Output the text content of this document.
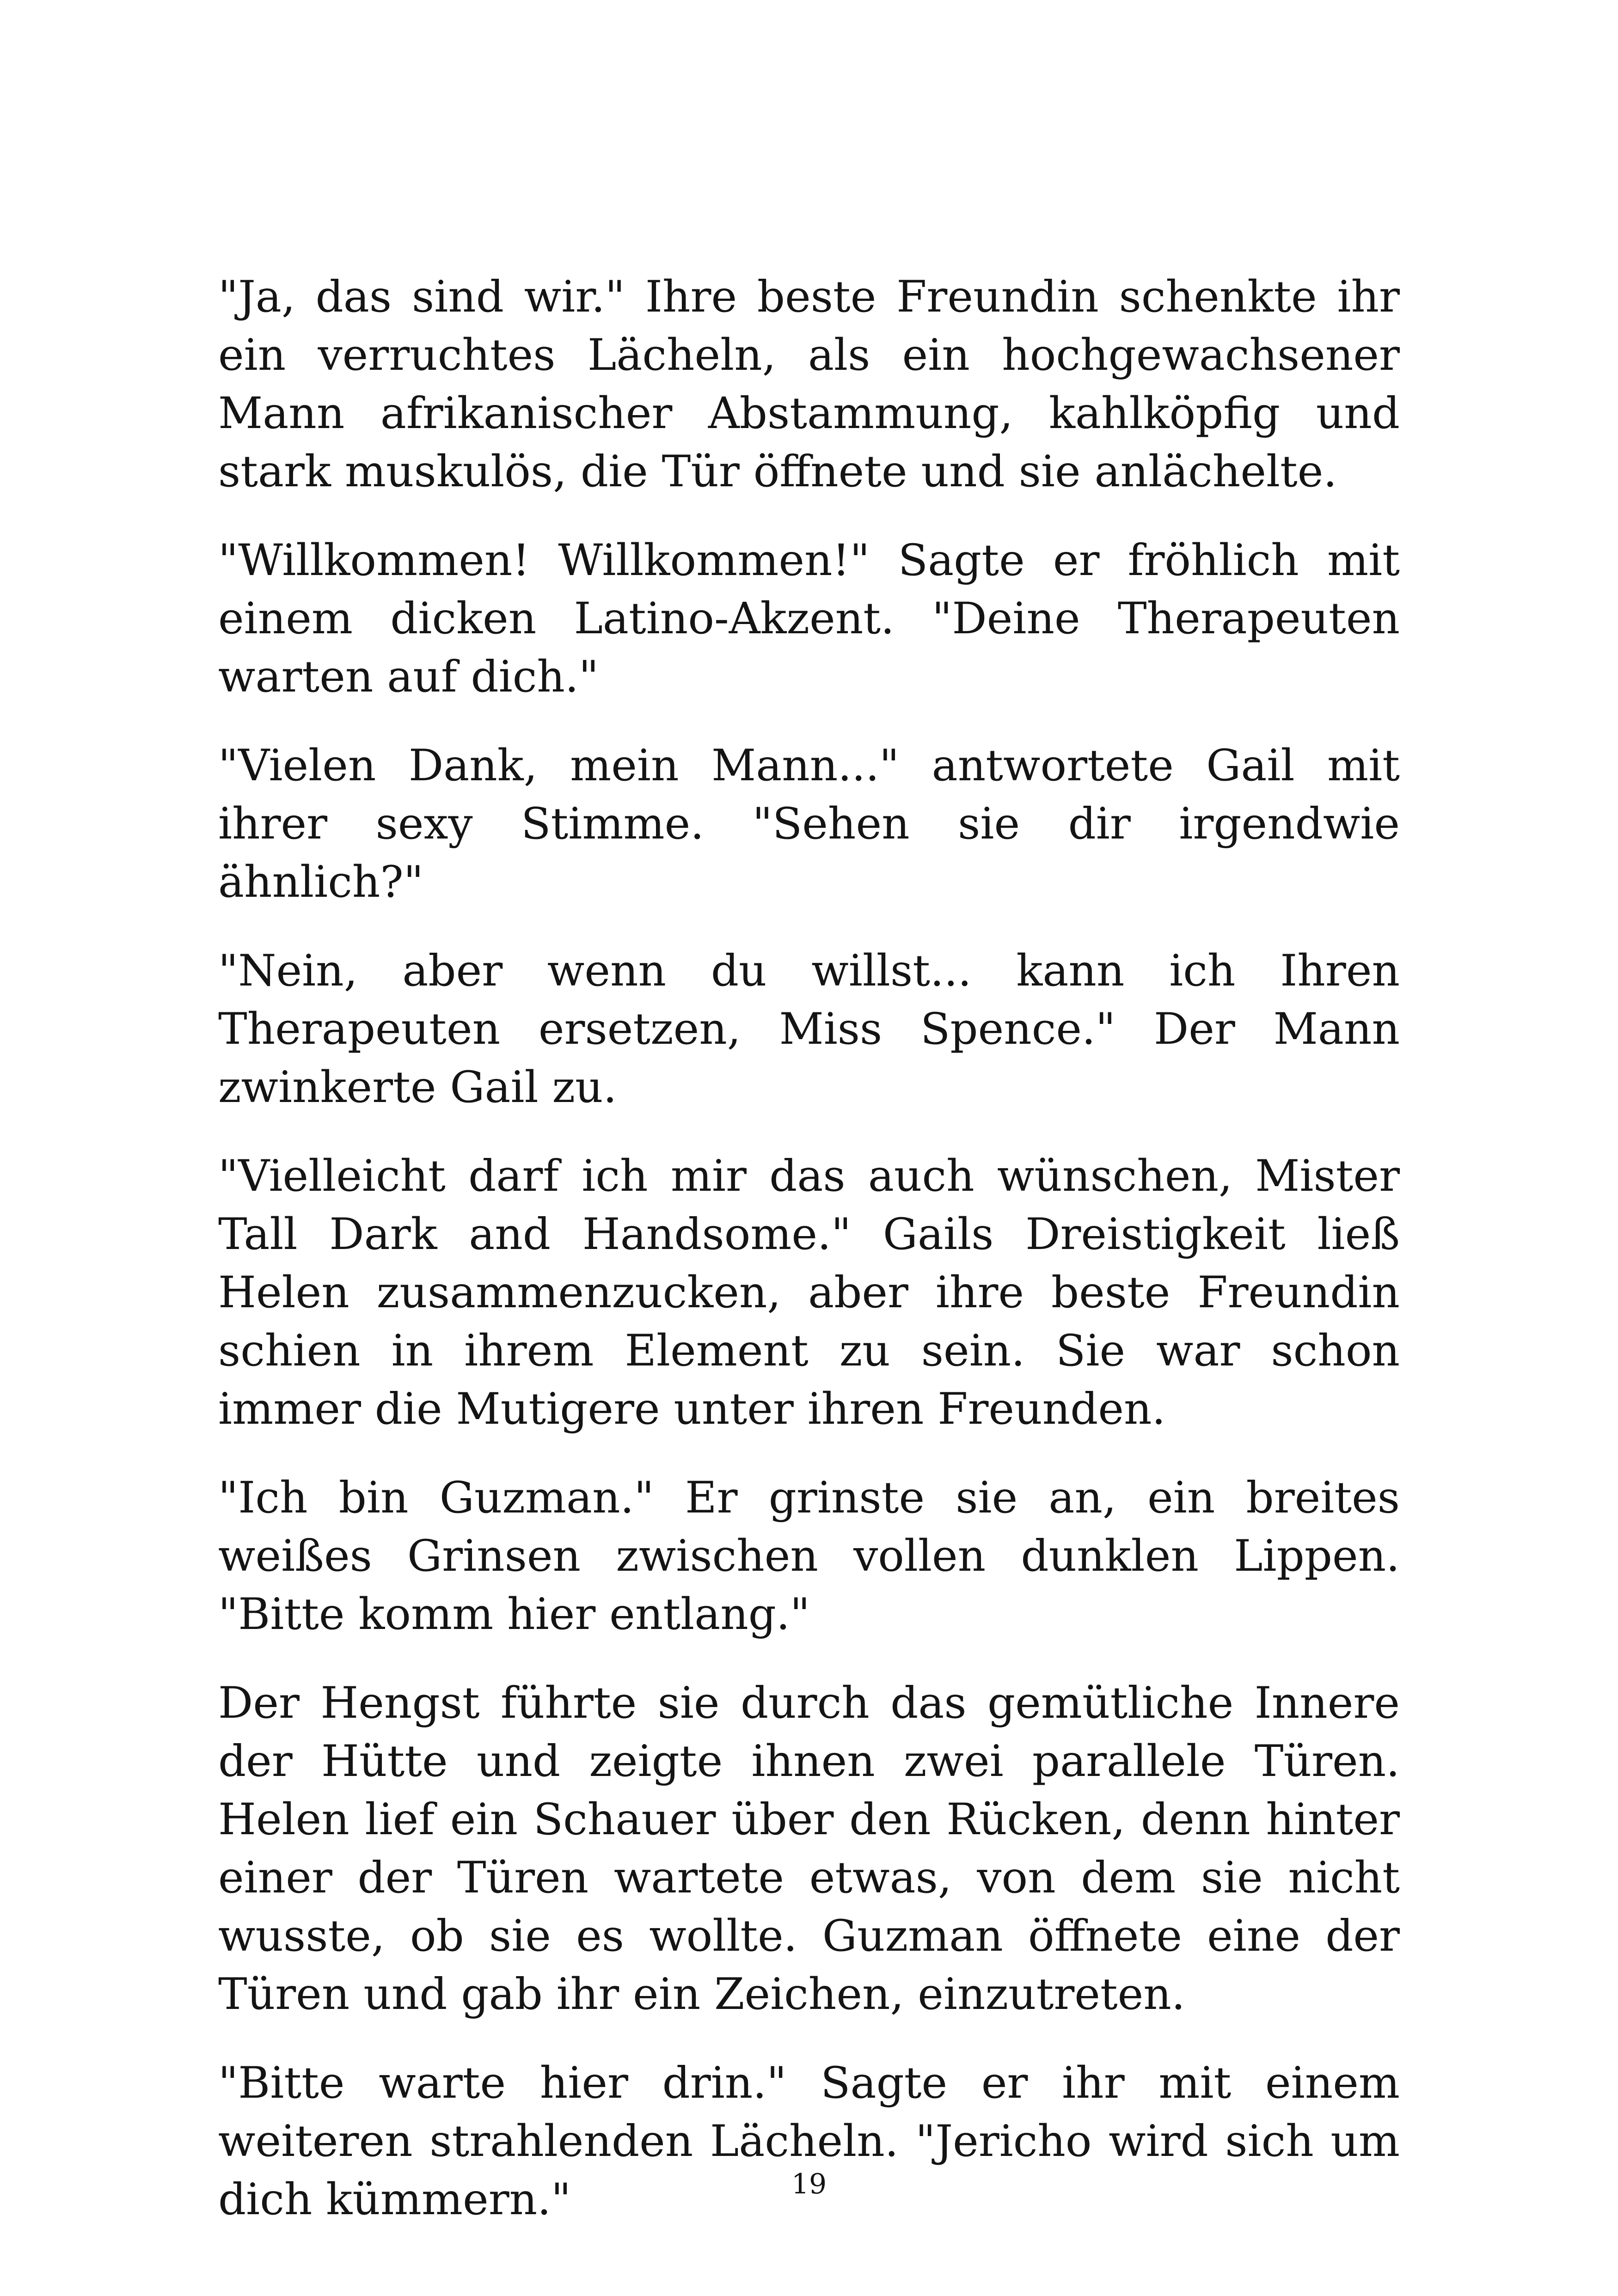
"Ja, das sind wir." Ihre beste Freundin schenkte ihr ein verruchtes Lächeln, als ein hochgewachsener Mann afrikanischer Abstammung, kahlköpfig und stark muskulös, die Tür öffnete und sie anlächelte.

"Willkommen! Willkommen!" Sagte er fröhlich mit einem dicken Latino-Akzent. "Deine Therapeuten warten auf dich."

"Vielen Dank, mein Mann..." antwortete Gail mit ihrer sexy Stimme. "Sehen sie dir irgendwie ähnlich?"

"Nein, aber wenn du willst... kann ich Ihren Therapeuten ersetzen, Miss Spence." Der Mann zwinkerte Gail zu.

"Vielleicht darf ich mir das auch wünschen, Mister Tall Dark and Handsome." Gails Dreistigkeit ließ Helen zusammenzucken, aber ihre beste Freundin schien in ihrem Element zu sein. Sie war schon immer die Mutigere unter ihren Freunden.

"Ich bin Guzman." Er grinste sie an, ein breites weißes Grinsen zwischen vollen dunklen Lippen. "Bitte komm hier entlang."

Der Hengst führte sie durch das gemütliche Innere der Hütte und zeigte ihnen zwei parallele Türen. Helen lief ein Schauer über den Rücken, denn hinter einer der Türen wartete etwas, von dem sie nicht wusste, ob sie es wollte. Guzman öffnete eine der Türen und gab ihr ein Zeichen, einzutreten.

"Bitte warte hier drin." Sagte er ihr mit einem weiteren strahlenden Lächeln. "Jericho wird sich um dich kümmern."	19
